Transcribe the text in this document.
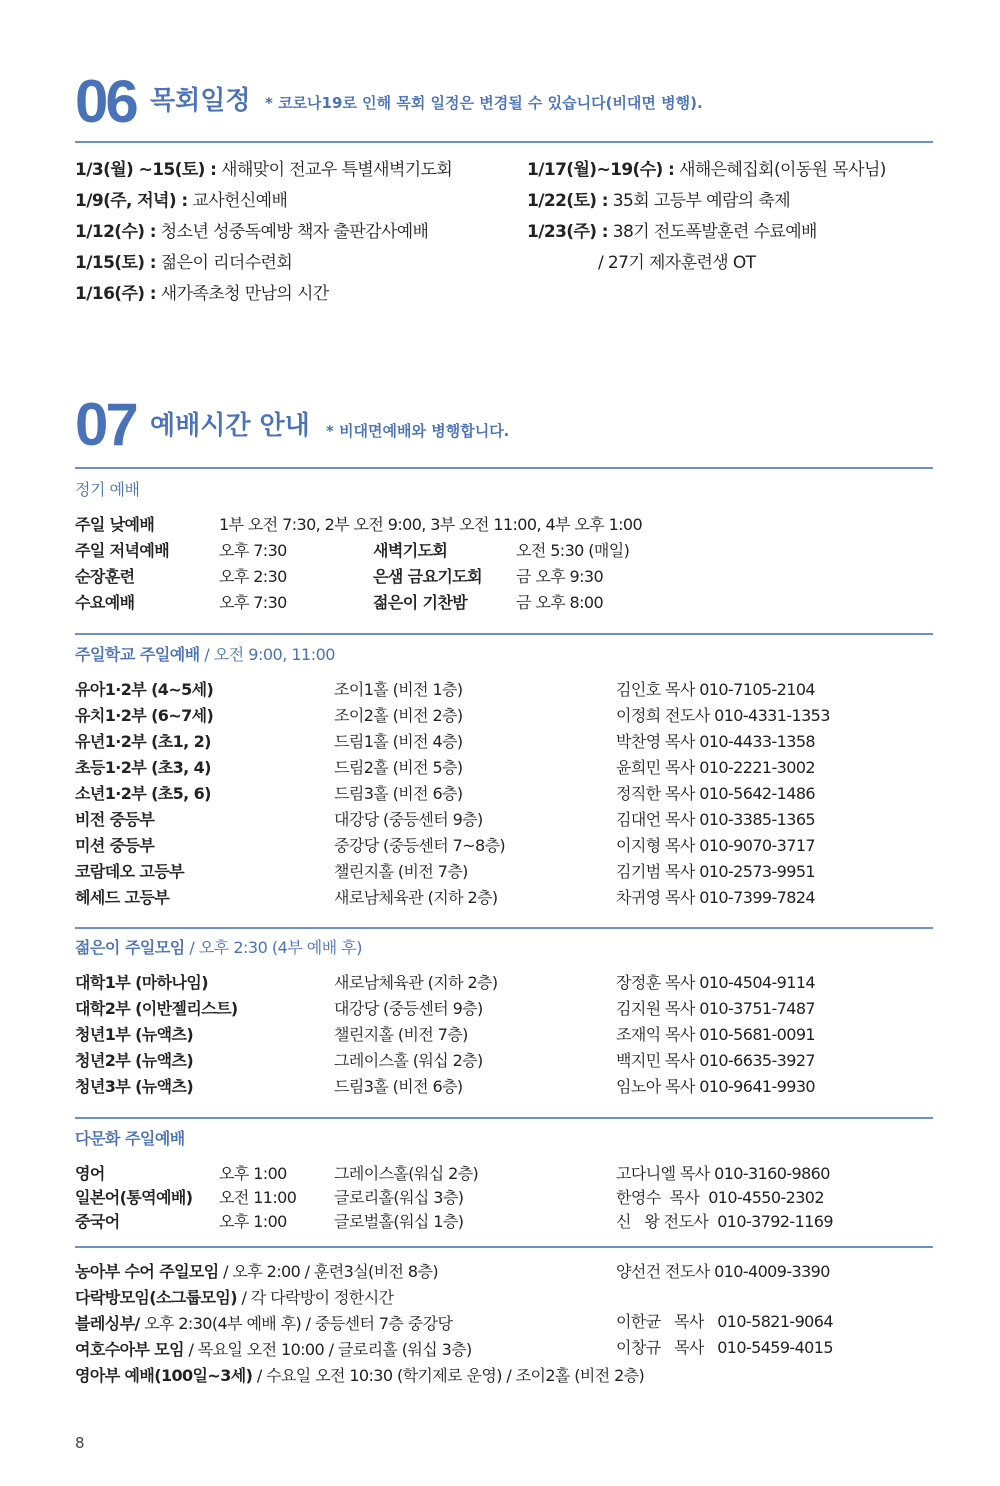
06 목회일정 * 코로나19로 인해 목회 일정은 변경될 수 있습니다(비대면 병행).
1/3(월) ~15(토) : 새해맞이 전교우 특별새벽기도회
1/9(주, 저녁) : 교사헌신예배
1/12(수) : 청소년 성중독예방 책자 출판감사예배
1/15(토) : 젊은이 리더수련회
1/16(주) : 새가족초청 만남의 시간
1/17(월)~19(수) : 새해은혜집회(이동원 목사님)
1/22(토) : 35회 고등부 예람의 축제
1/23(주) : 38기 전도폭발훈련 수료예배
/ 27기 제자훈련생 OT
07 예배시간 안내 * 비대면예배와 병행합니다.
정기 예배
주일 낮예배	1부 오전 7:30, 2부 오전 9:00, 3부 오전 11:00, 4부 오후 1:00
주일 저녁예배	오후 7:30	새벽기도회	오전 5:30 (매일)
순장훈련	오후 2:30	은샘 금요기도회 금 오후 9:30
수요예배	오후 7:30	젊은이 기찬밤	금 오후 8:00
주일학교 주일예배 / 오전 9:00, 11:00
유아1·2부 (4~5세)	조이1홀 (비전 1층)	김인호 목사 010-7105-2104
유치1·2부 (6~7세)	조이2홀 (비전 2층)	이정희 전도사 010-4331-1353
유년1·2부 (초1, 2)	드림1홀 (비전 4층)	박찬영 목사 010-4433-1358
초등1·2부 (초3, 4)	드림2홀 (비전 5층)	윤희민 목사 010-2221-3002
소년1·2부 (초5, 6)	드림3홀 (비전 6층)	정직한 목사 010-5642-1486
비전 중등부	대강당 (중등센터 9층)	김대언 목사 010-3385-1365
미션 중등부	중강당 (중등센터 7~8층)	이지형 목사 010-9070-3717
코람데오 고등부	챌린지홀 (비전 7층)	김기범 목사 010-2573-9951
헤세드 고등부	새로남체육관 (지하 2층)	차귀영 목사 010-7399-7824
젊은이 주일모임 / 오후 2:30 (4부 예배 후)
대학1부 (마하나임)	새로남체육관 (지하 2층)	장정훈 목사 010-4504-9114
대학2부 (이반젤리스트)	대강당 (중등센터 9층)	김지원 목사 010-3751-7487
청년1부 (뉴액츠)	챌린지홀 (비전 7층)	조재익 목사 010-5681-0091
청년2부 (뉴액츠)	그레이스홀 (워십 2층)	백지민 목사 010-6635-3927
청년3부 (뉴액츠)	드림3홀 (비전 6층)	임노아 목사 010-9641-9930
다문화 주일예배
영어	오후 1:00	그레이스홀(워십 2층)	고다니엘 목사 010-3160-9860
일본어(통역예배) 오전 11:00 글로리홀(워십 3층)	한영수  목사  010-4550-2302
중국어	오후 1:00	글로벌홀(워십 1층)	신   왕 전도사  010-3792-1169
농아부 수어 주일모임 / 오후 2:00 / 훈련3실(비전 8층)	양선건 전도사 010-4009-3390
다락방모임(소그룹모임) / 각 다락방이 정한시간
블레싱부/ 오후 2:30(4부 예배 후) / 중등센터 7층 중강당	이한균   목사   010-5821-9064
여호수아부 모임 / 목요일 오전 10:00 / 글로리홀 (워십 3층)	이창규   목사   010-5459-4015
영아부 예배(100일~3세) / 수요일 오전 10:30 (학기제로 운영) / 조이2홀 (비전 2층)
8
